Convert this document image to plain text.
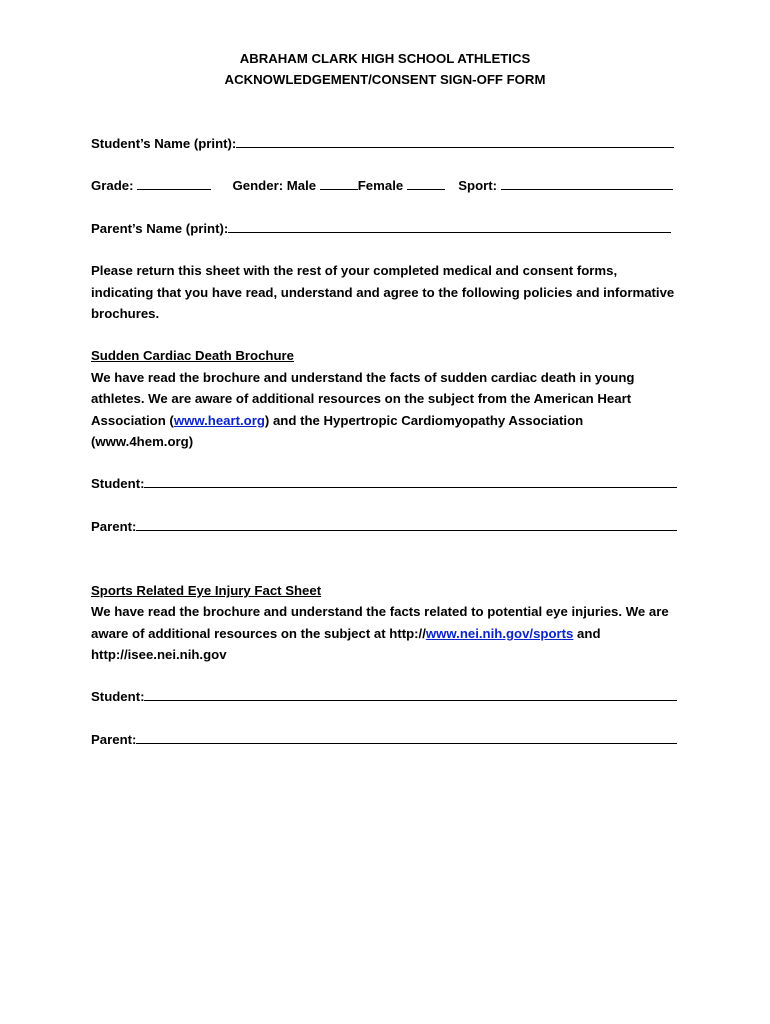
ABRAHAM CLARK HIGH SCHOOL ATHLETICS
ACKNOWLEDGEMENT/CONSENT SIGN-OFF FORM
Student’s Name (print):
Grade:	Gender: Male	Female	Sport:
Parent’s Name (print):
Please return this sheet with the rest of your completed medical and consent forms,
indicating that you have read, understand and agree to the following policies and informative
brochures.
Sudden Cardiac Death Brochure
We have read the brochure and understand the facts of sudden cardiac death in young
athletes. We are aware of additional resources on the subject from the American Heart
Association (www.heart.org) and the Hypertropic Cardiomyopathy Association
(www.4hem.org)
Student:
Parent:
Sports Related Eye Injury Fact Sheet
We have read the brochure and understand the facts related to potential eye injuries. We are
aware of additional resources on the subject at http://www.nei.nih.gov/sports and
http://isee.nei.nih.gov
Student:
Parent:
